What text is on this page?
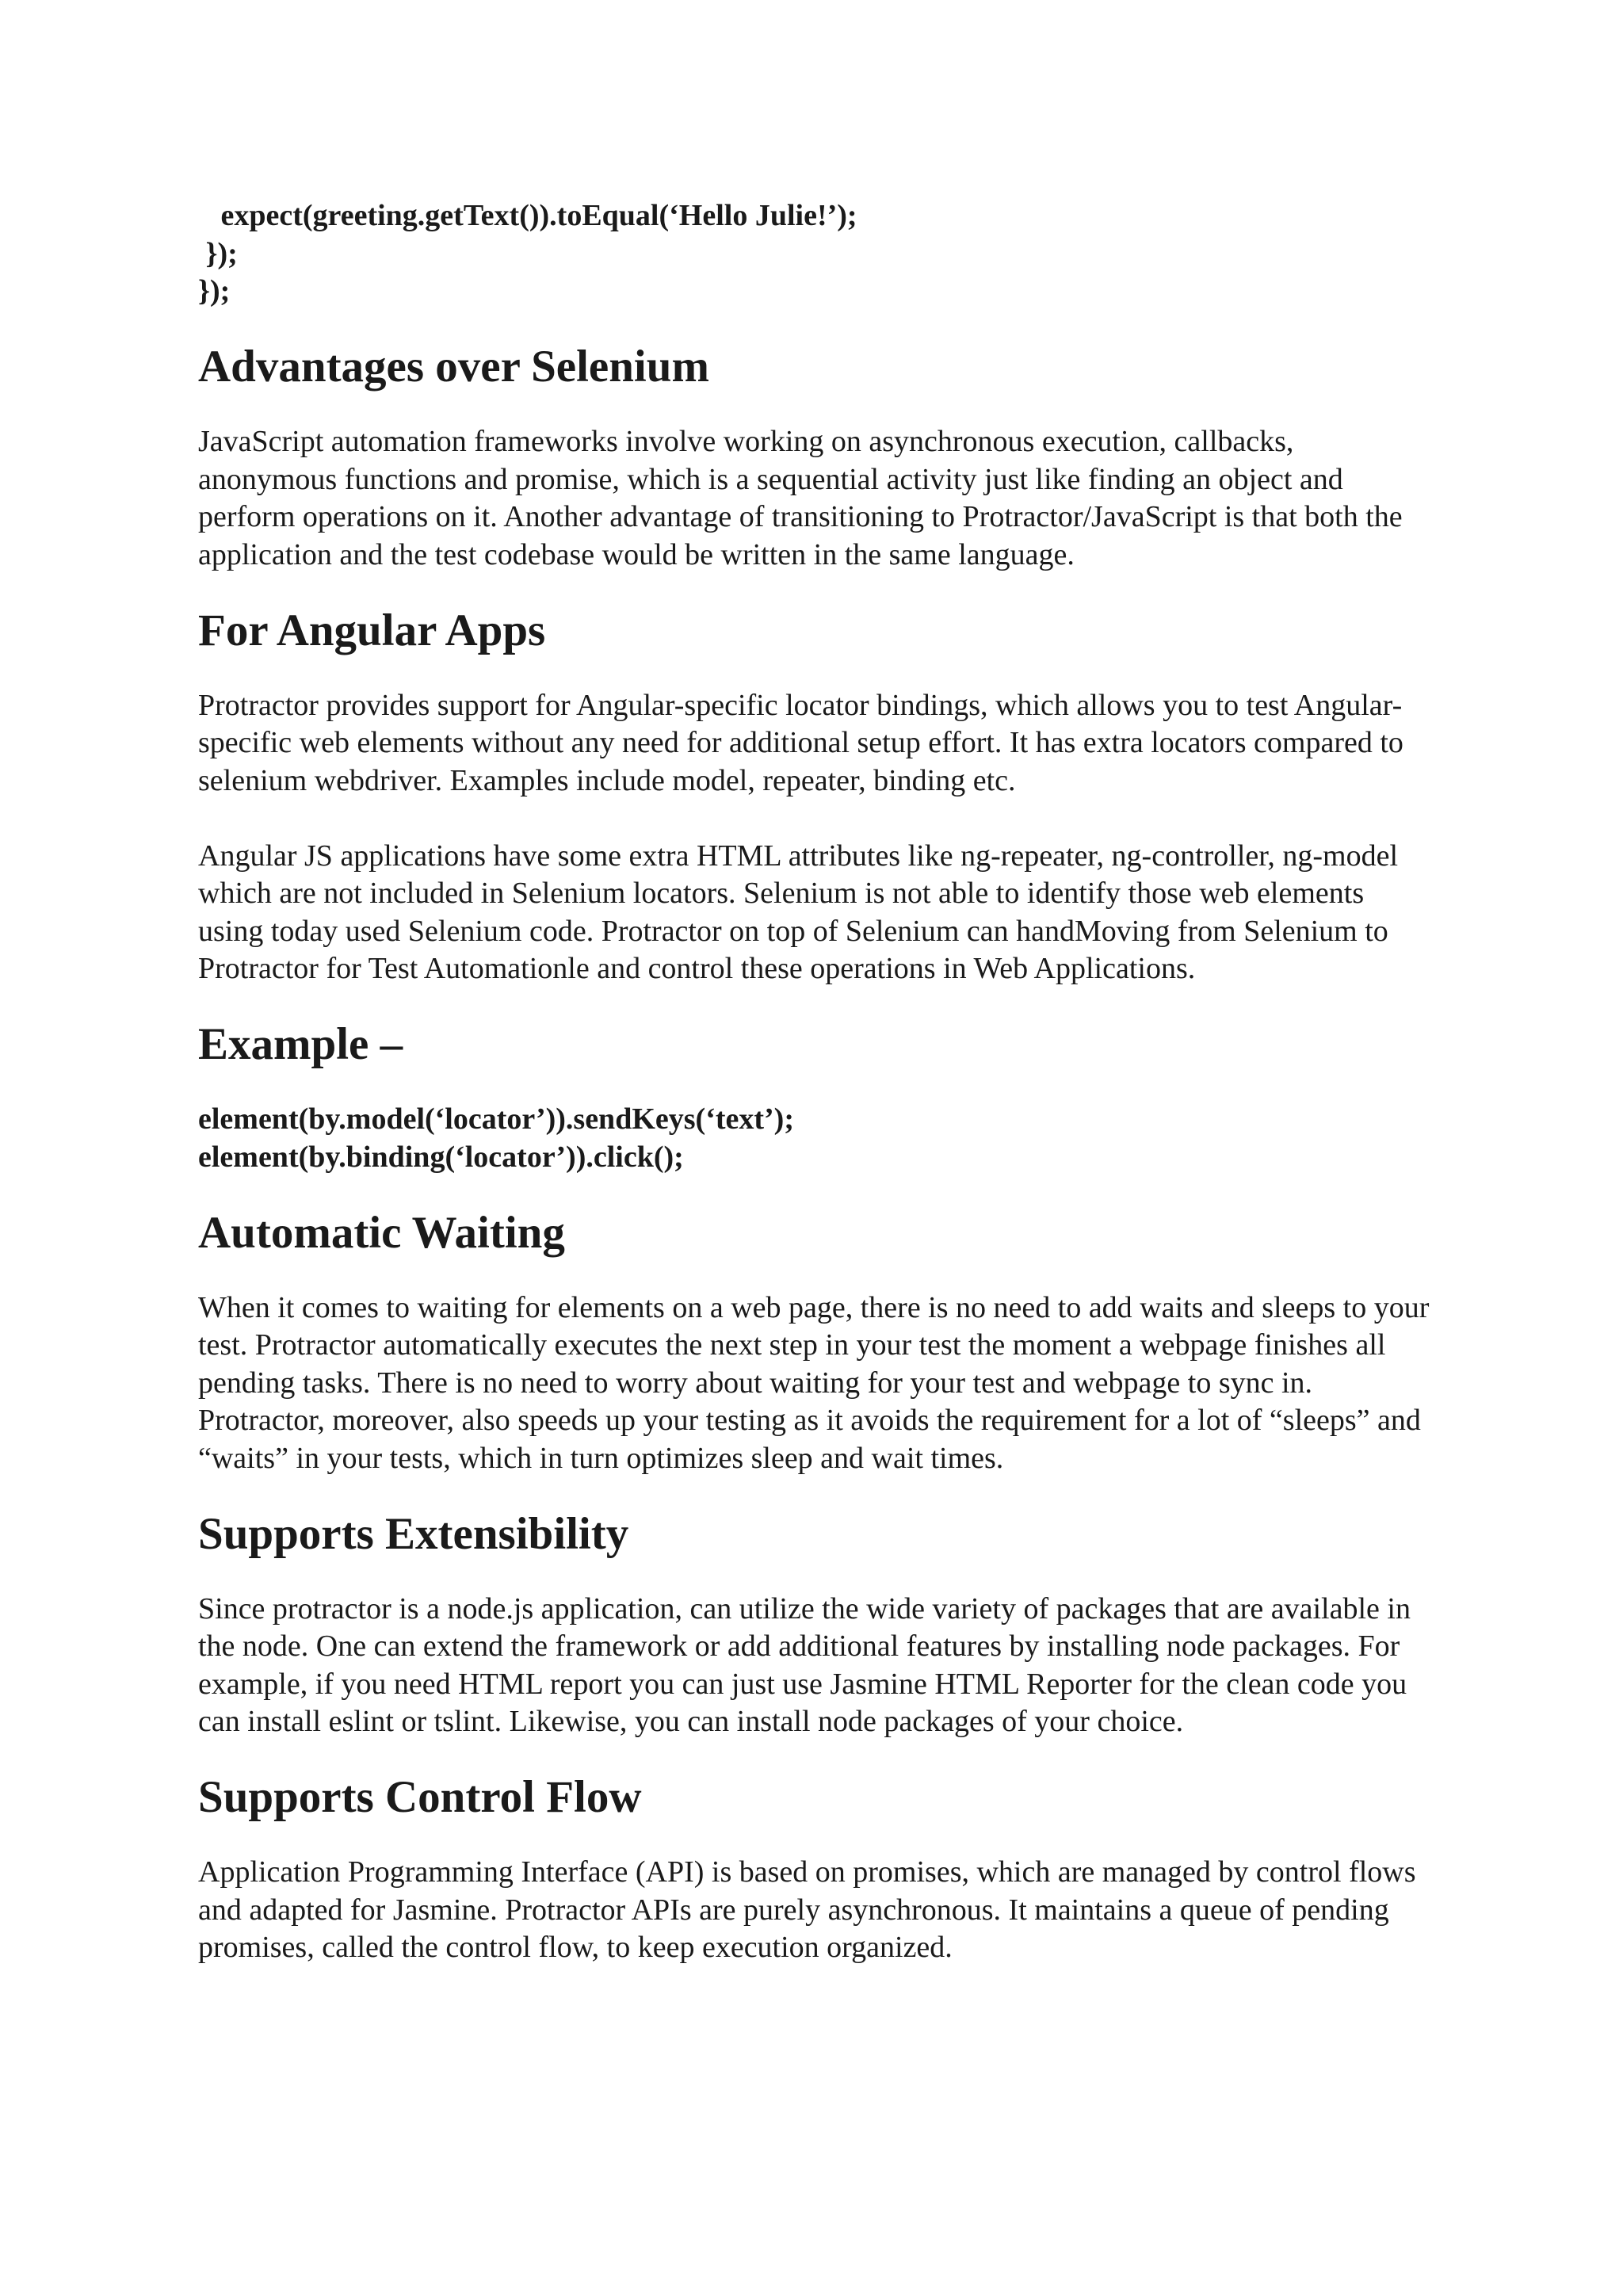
expect(greeting.getText()).toEqual(‘Hello Julie!’);
});
});
Advantages over Selenium

JavaScript automation frameworks involve working on asynchronous execution, callbacks, anonymous functions and promise, which is a sequential activity just like finding an object and perform operations on it. Another advantage of transitioning to Protractor/JavaScript is that both the application and the test codebase would be written in the same language.

For Angular Apps

Protractor provides support for Angular-specific locator bindings, which allows you to test Angular-specific web elements without any need for additional setup effort. It has extra locators compared to selenium webdriver. Examples include model, repeater, binding etc.

Angular JS applications have some extra HTML attributes like ng-repeater, ng-controller, ng-model which are not included in Selenium locators. Selenium is not able to identify those web elements using today used Selenium code. Protractor on top of Selenium can handMoving from Selenium to Protractor for Test Automationle and control these operations in Web Applications.

Example –
element(by.model(‘locator’)).sendKeys(‘text’);
element(by.binding(‘locator’)).click();
Automatic Waiting

When it comes to waiting for elements on a web page, there is no need to add waits and sleeps to your test. Protractor automatically executes the next step in your test the moment a webpage finishes all pending tasks. There is no need to worry about waiting for your test and webpage to sync in. Protractor, moreover, also speeds up your testing as it avoids the requirement for a lot of “sleeps” and “waits” in your tests, which in turn optimizes sleep and wait times.

Supports Extensibility

Since protractor is a node.js application, can utilize the wide variety of packages that are available in the node. One can extend the framework or add additional features by installing node packages. For example, if you need HTML report you can just use Jasmine HTML Reporter for the clean code you can install eslint or tslint. Likewise, you can install node packages of your choice.

Supports Control Flow

Application Programming Interface (API) is based on promises, which are managed by control flows and adapted for Jasmine. Protractor APIs are purely asynchronous. It maintains a queue of pending promises, called the control flow, to keep execution organized.
